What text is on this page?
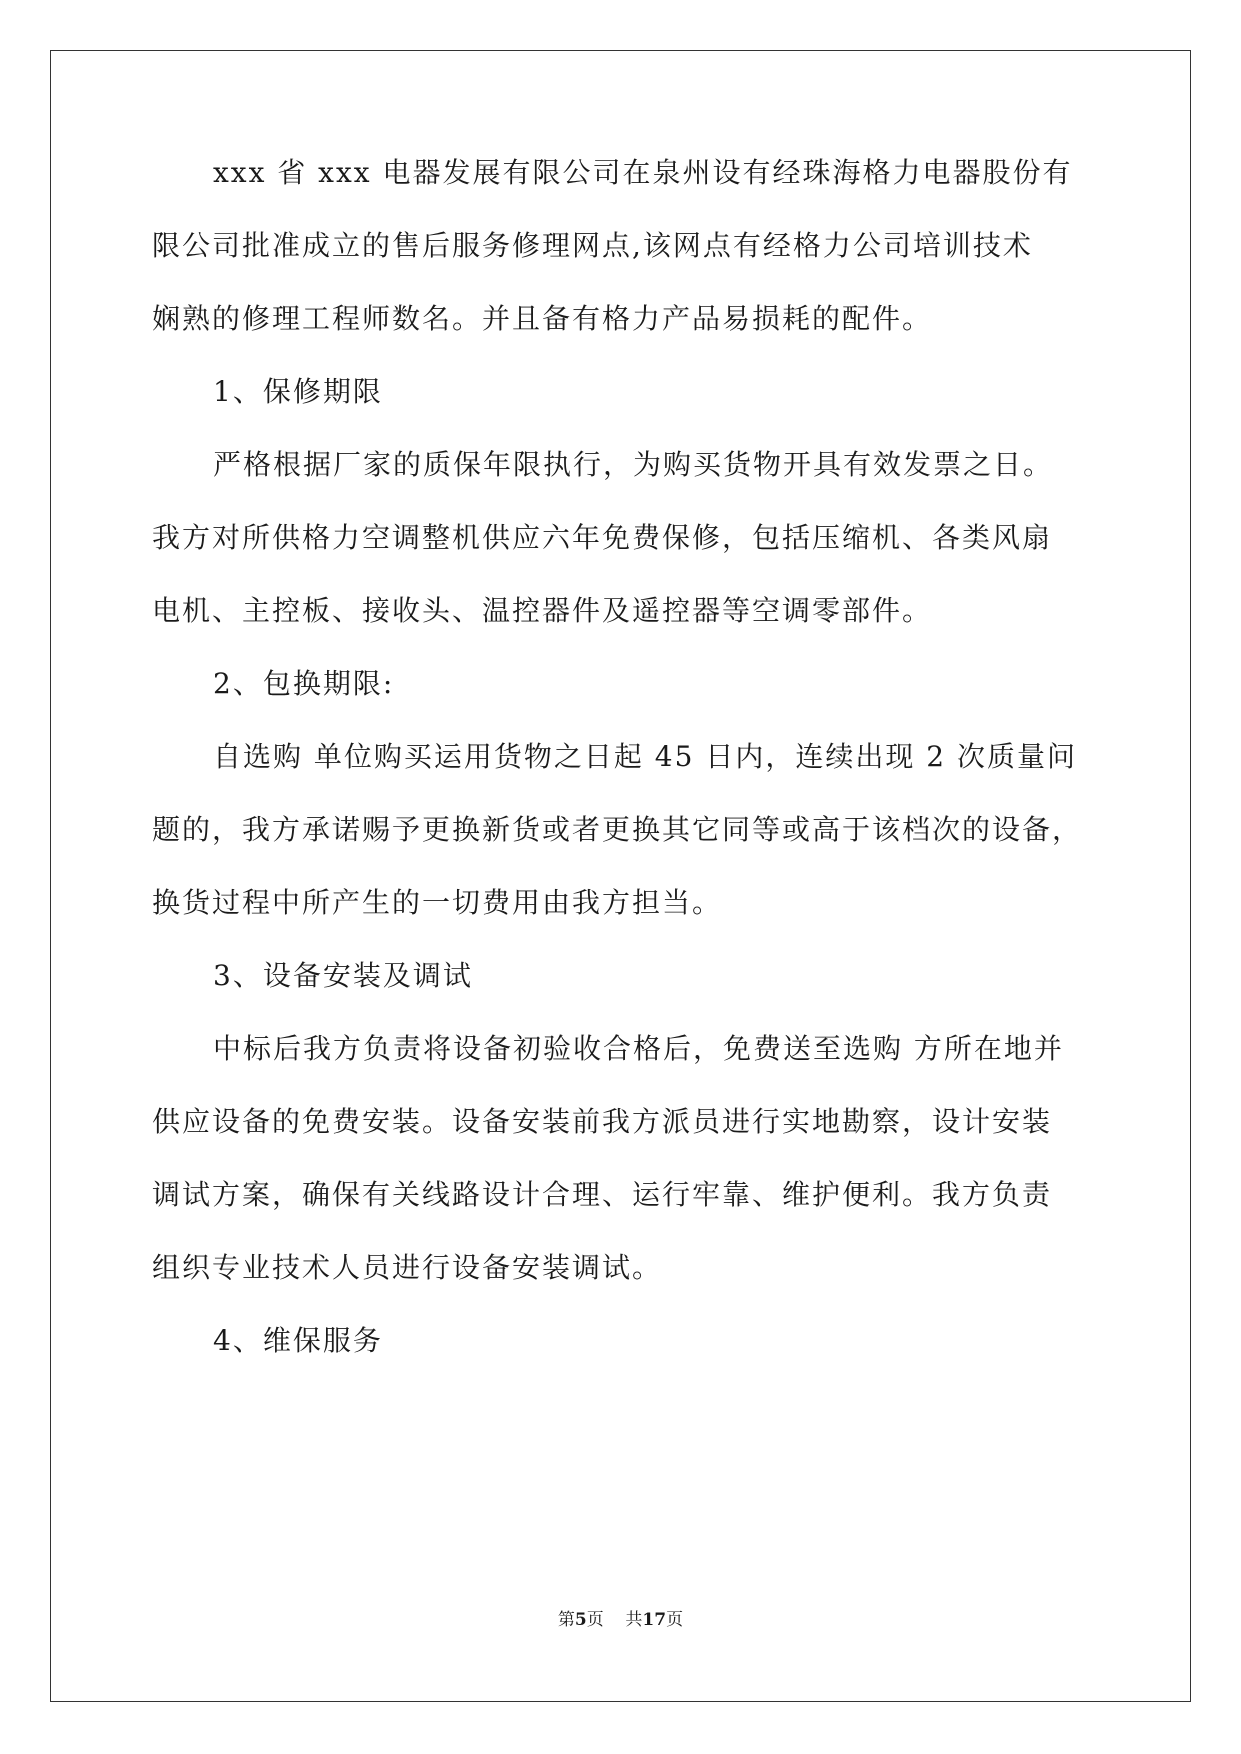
xxx 省 xxx 电器发展有限公司在泉州设有经珠海格力电器股份有
限公司批准成立的售后服务修理网点,该网点有经格力公司培训技术
娴熟的修理工程师数名。并且备有格力产品易损耗的配件。
1、保修期限
严格根据厂家的质保年限执行，为购买货物开具有效发票之日。
我方对所供格力空调整机供应六年免费保修，包括压缩机、各类风扇
电机、主控板、接收头、温控器件及遥控器等空调零部件。
2、包换期限:
自选购 单位购买运用货物之日起 45 日内，连续出现 2 次质量问
题的，我方承诺赐予更换新货或者更换其它同等或高于该档次的设备，
换货过程中所产生的一切费用由我方担当。
3、设备安装及调试
中标后我方负责将设备初验收合格后，免费送至选购 方所在地并
供应设备的免费安装。设备安装前我方派员进行实地勘察，设计安装
调试方案，确保有关线路设计合理、运行牢靠、维护便利。我方负责
组织专业技术人员进行设备安装调试。
4、维保服务
第5页    共17页
